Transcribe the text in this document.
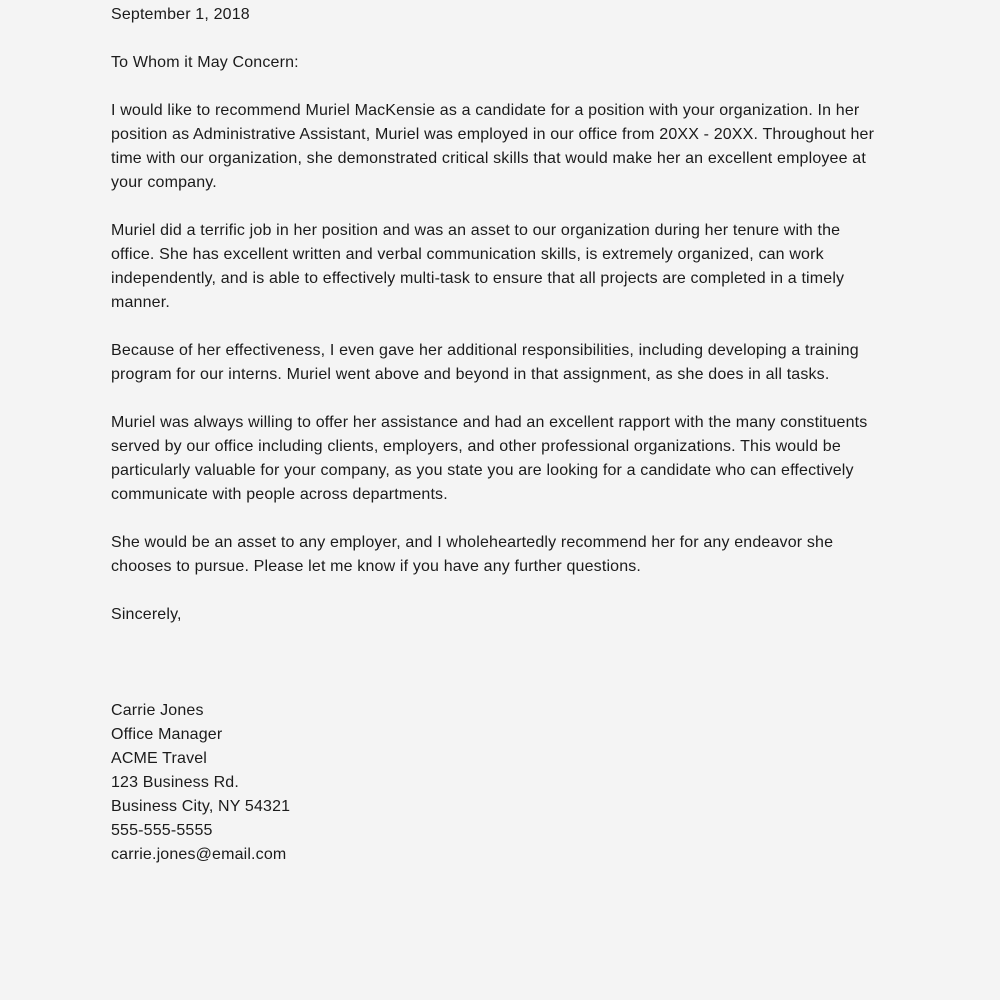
September 1, 2018

To Whom it May Concern:

I would like to recommend Muriel MacKensie as a candidate for a position with your organization. In her position as Administrative Assistant, Muriel was employed in our office from 20XX - 20XX. Throughout her time with our organization, she demonstrated critical skills that would make her an excellent employee at your company.

Muriel did a terrific job in her position and was an asset to our organization during her tenure with the office. She has excellent written and verbal communication skills, is extremely organized, can work independently, and is able to effectively multi-task to ensure that all projects are completed in a timely manner.

Because of her effectiveness, I even gave her additional responsibilities, including developing a training program for our interns. Muriel went above and beyond in that assignment, as she does in all tasks.

Muriel was always willing to offer her assistance and had an excellent rapport with the many constituents served by our office including clients, employers, and other professional organizations. This would be particularly valuable for your company, as you state you are looking for a candidate who can effectively communicate with people across departments.

She would be an asset to any employer, and I wholeheartedly recommend her for any endeavor she chooses to pursue. Please let me know if you have any further questions.

Sincerely,

Carrie Jones

Office Manager

ACME Travel

123 Business Rd.

Business City, NY 54321

555-555-5555

carrie.jones@email.com
